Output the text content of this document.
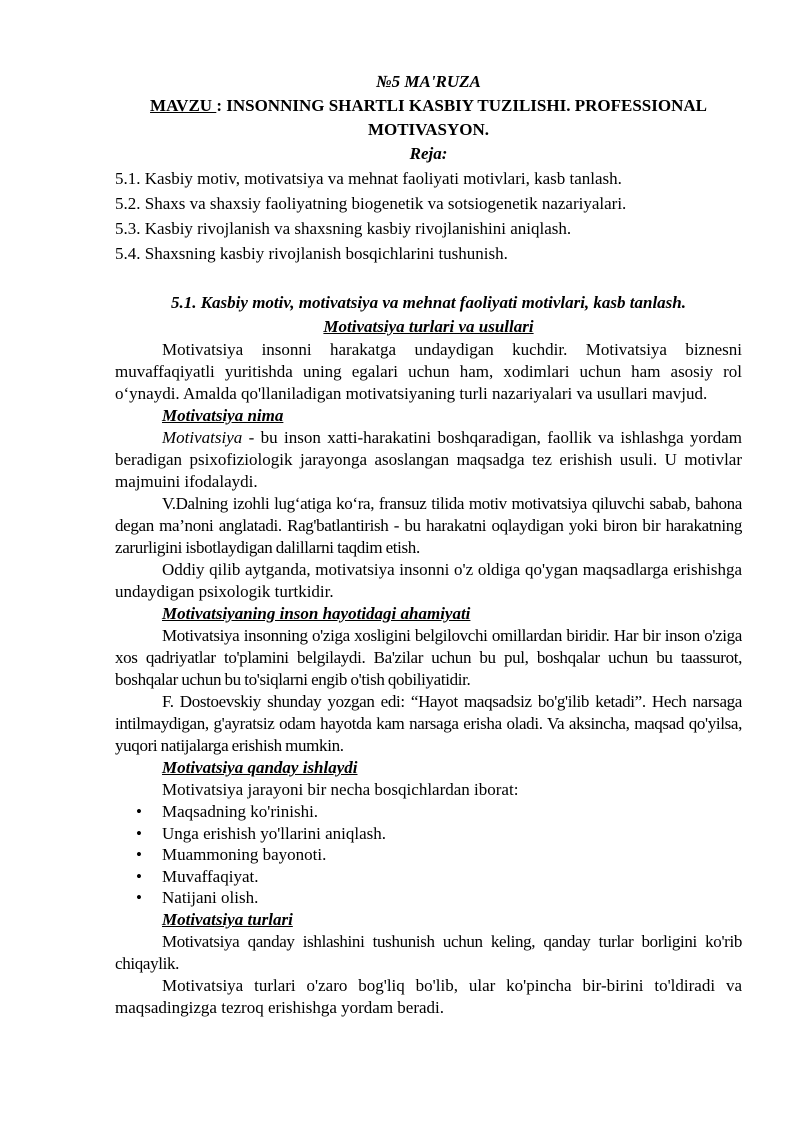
№5 MA'RUZA
MAVZU : INSONNING SHARTLI KASBIY TUZILISHI. PROFESSIONAL MOTIVASYON.
Reja:
5.1. Kasbiy motiv, motivatsiya va mehnat faoliyati motivlari, kasb tanlash.
5.2. Shaxs va shaxsiy faoliyatning biogenetik va sotsiogenetik nazariyalari.
5.3. Kasbiy rivojlanish va shaxsning kasbiy rivojlanishini aniqlash.
5.4. Shaxsning kasbiy rivojlanish bosqichlarini tushunish.
5.1. Kasbiy motiv, motivatsiya va mehnat faoliyati motivlari, kasb tanlash.
Motivatsiya turlari va usullari

Motivatsiya insonni harakatga undaydigan kuchdir. Motivatsiya biznesni muvaffaqiyatli yuritishda uning egalari uchun ham, xodimlari uchun ham asosiy rol o‘ynaydi. Amalda qo'llaniladigan motivatsiyaning turli nazariyalari va usullari mavjud.

Motivatsiya nima

Motivatsiya - bu inson xatti-harakatini boshqaradigan, faollik va ishlashga yordam beradigan psixofiziologik jarayonga asoslangan maqsadga tez erishish usuli. U motivlar majmuini ifodalaydi.

V.Dalning izohli lug‘atiga ko‘ra, fransuz tilida motiv motivatsiya qiluvchi sabab, bahona degan ma’noni anglatadi. Rag'batlantirish - bu harakatni oqlaydigan yoki biron bir harakatning zarurligini isbotlaydigan dalillarni taqdim etish.

Oddiy qilib aytganda, motivatsiya insonni o'z oldiga qo'ygan maqsadlarga erishishga undaydigan psixologik turtkidir.

Motivatsiyaning inson hayotidagi ahamiyati

Motivatsiya insonning o'ziga xosligini belgilovchi omillardan biridir. Har bir inson o'ziga xos qadriyatlar to'plamini belgilaydi. Ba'zilar uchun bu pul, boshqalar uchun bu taassurot, boshqalar uchun bu to'siqlarni engib o'tish qobiliyatidir.

F. Dostoevskiy shunday yozgan edi: “Hayot maqsadsiz bo'g'ilib ketadi”. Hech narsaga intilmaydigan, g'ayratsiz odam hayotda kam narsaga erisha oladi. Va aksincha, maqsad qo'yilsa, yuqori natijalarga erishish mumkin.

Motivatsiya qanday ishlaydi
Motivatsiya jarayoni bir necha bosqichlardan iborat:
• Maqsadning ko'rinishi.
• Unga erishish yo'llarini aniqlash.
• Muammoning bayonoti.
• Muvaffaqiyat.
• Natijani olish.
Motivatsiya turlari

Motivatsiya qanday ishlashini tushunish uchun keling, qanday turlar borligini ko'rib chiqaylik.

Motivatsiya turlari o'zaro bog'liq bo'lib, ular ko'pincha bir-birini to'ldiradi va maqsadingizga tezroq erishishga yordam beradi.
